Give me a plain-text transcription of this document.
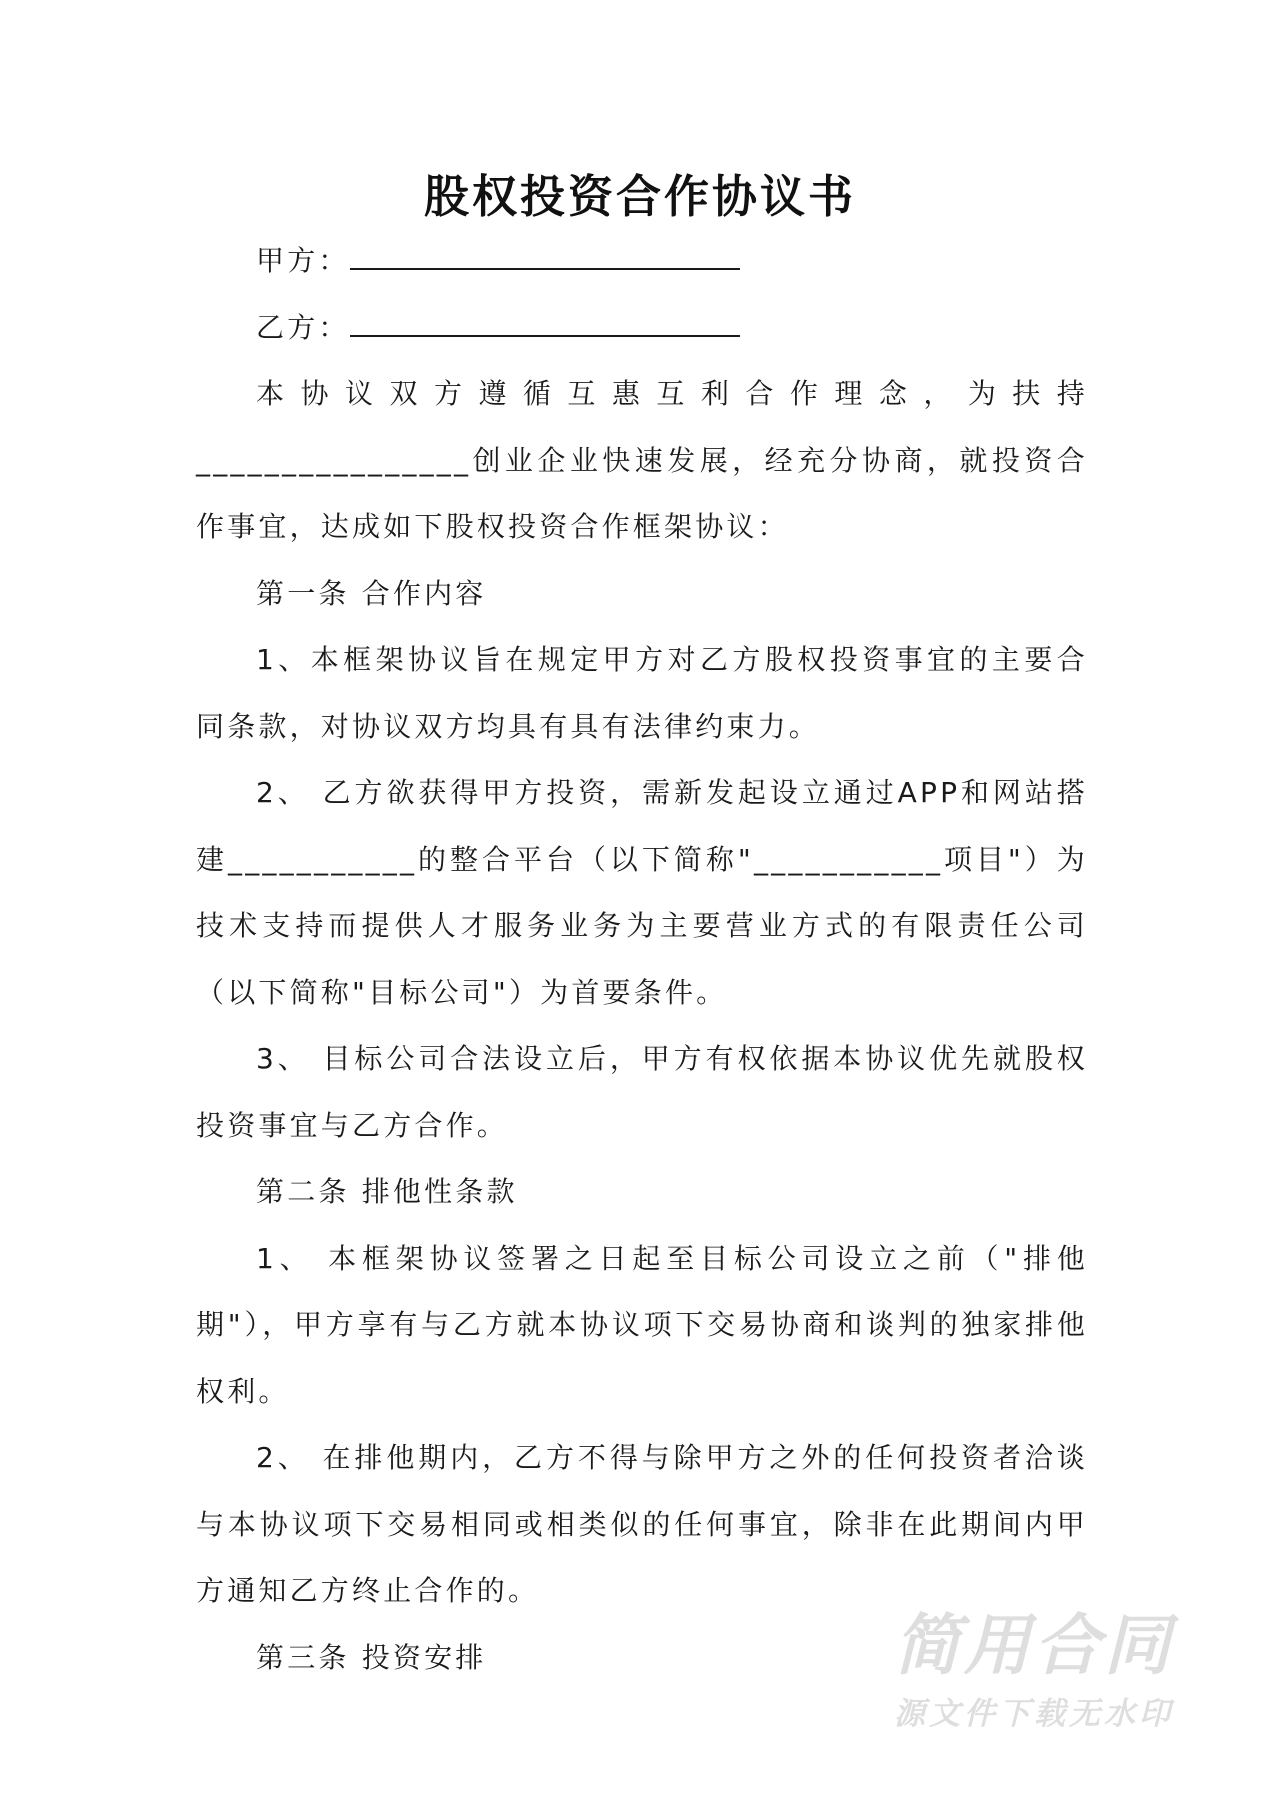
股权投资合作协议书

甲方：

乙方：

本协议双方遵循互惠互利合作理念，为扶持________________创业企业快速发展，经充分协商，就投资合作事宜，达成如下股权投资合作框架协议：

第一条 合作内容

1、本框架协议旨在规定甲方对乙方股权投资事宜的主要合同条款，对协议双方均具有具有法律约束力。

2、 乙方欲获得甲方投资，需新发起设立通过APP和网站搭建___________的整合平台（以下简称"___________项目"）为技术支持而提供人才服务业务为主要营业方式的有限责任公司（以下简称"目标公司"）为首要条件。

3、 目标公司合法设立后，甲方有权依据本协议优先就股权投资事宜与乙方合作。

第二条 排他性条款

1、 本框架协议签署之日起至目标公司设立之前（"排他期"），甲方享有与乙方就本协议项下交易协商和谈判的独家排他权利。

2、 在排他期内，乙方不得与除甲方之外的任何投资者洽谈与本协议项下交易相同或相类似的任何事宜，除非在此期间内甲方通知乙方终止合作的。

第三条 投资安排	简用合同
源文件下载无水印
